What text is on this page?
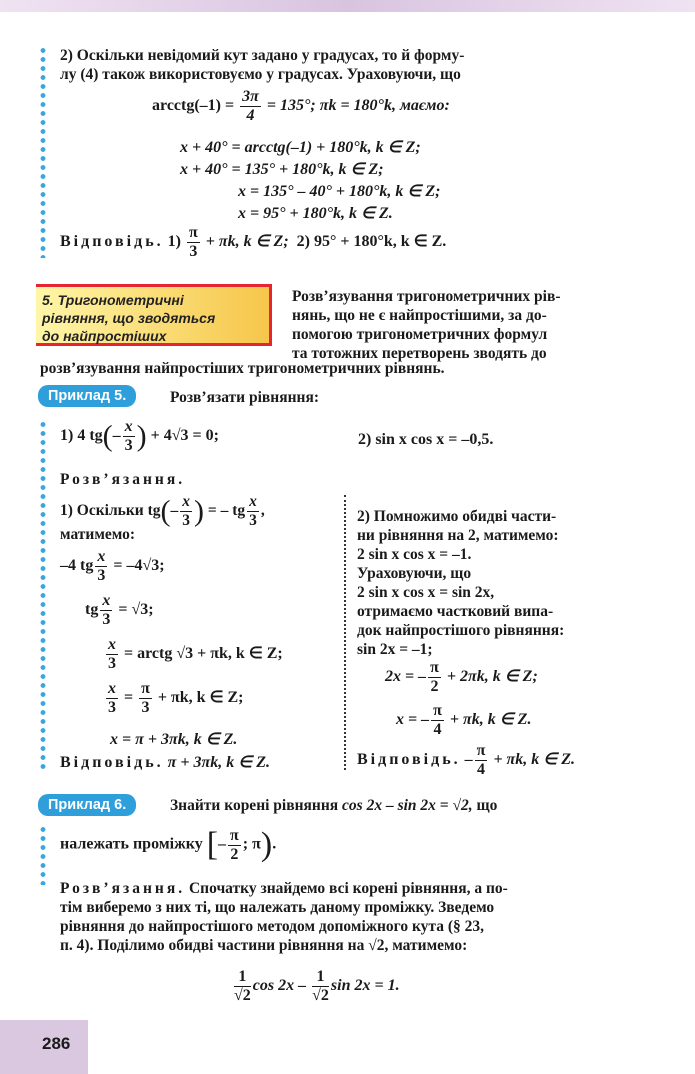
2) Оскільки невідомий кут задано у градусах, то й форму-
лу (4) також використовуємо у градусах. Ураховуючи, що
arcctg(–1) = $\frac{3\pi}{4} = 135^\circ$; πk = 180°k, маємо:
x + 40° = arcctg(–1) + 180°k, k ∈ Z;
x + 40° = 135° + 180°k, k ∈ Z;
x = 135° – 40° + 180°k, k ∈ Z;
x = 95° + 180°k, k ∈ Z.
Відповідь. $1) \frac{\pi}{3} + \pi k$, k ∈ Z; 2) 95° + 180°k, k ∈ Z.
5. Тригонометричні
рівняння, що зводяться
до найпростіших
Розв’язування тригонометричних рів-
нянь, що не є найпростішими, за до-
помогою тригонометричних формул
та тотожних перетворень зводять до
розв’язування найпростіших тригонометричних рівнянь.
Приклад 5.	Розв’язати рівняння:
1) 4 $tg(- \frac{x}{3}$ ) + 4√3 = 0;	2) sin x cos x = –0,5.
Розв’язання.
1) Оскільки $tg(- \frac{x}{3}$ ) = – tg $\frac{x}{3}$ ,
матимемо:
–4 tg $\frac{x}{3} = -4√3$;
tg $\frac{x}{3} = √3$;
$\frac{x}{3}$ = arctg √3 + πk, k ∈ Z;
$\frac{x}{3} = \frac{\pi}{3} + \pi k$, k ∈ Z;
x = π + 3πk, k ∈ Z.
Відповідь. π + 3πk, k ∈ Z.
2) Помножимо обидві части-
ни рівняння на 2, матимемо:
2 sin x cos x = –1.
Ураховуючи, що
2 sin x cos x = sin 2x,
отримаємо частковий випа-
док найпростішого рівняння:
sin 2x = –1;
2x = – $\frac{\pi}{2} + 2\pi k$, k ∈ Z;
x = – $\frac{\pi}{4} + \pi k$, k ∈ Z.
Відповідь. – $\frac{\pi}{4} + \pi k$, k ∈ Z.
Приклад 6.	Знайти корені рівняння cos 2x – sin 2x = √2, що
належать проміжку [– $\frac{\pi}{2}$ ; π).
Розв’язання. Спочатку знайдемо всі корені рівняння, а по-
тім виберемо з них ті, що належать даному проміжку. Зведемо
рівняння до найпростішого методом допоміжного кута (§ 23,
п. 4). Поділимо обидві частини рівняння на √2, матимемо:
$\frac{1}{√2}$ $\cos 2x - \frac{1}{√2}$ sin 2x = 1.
286
